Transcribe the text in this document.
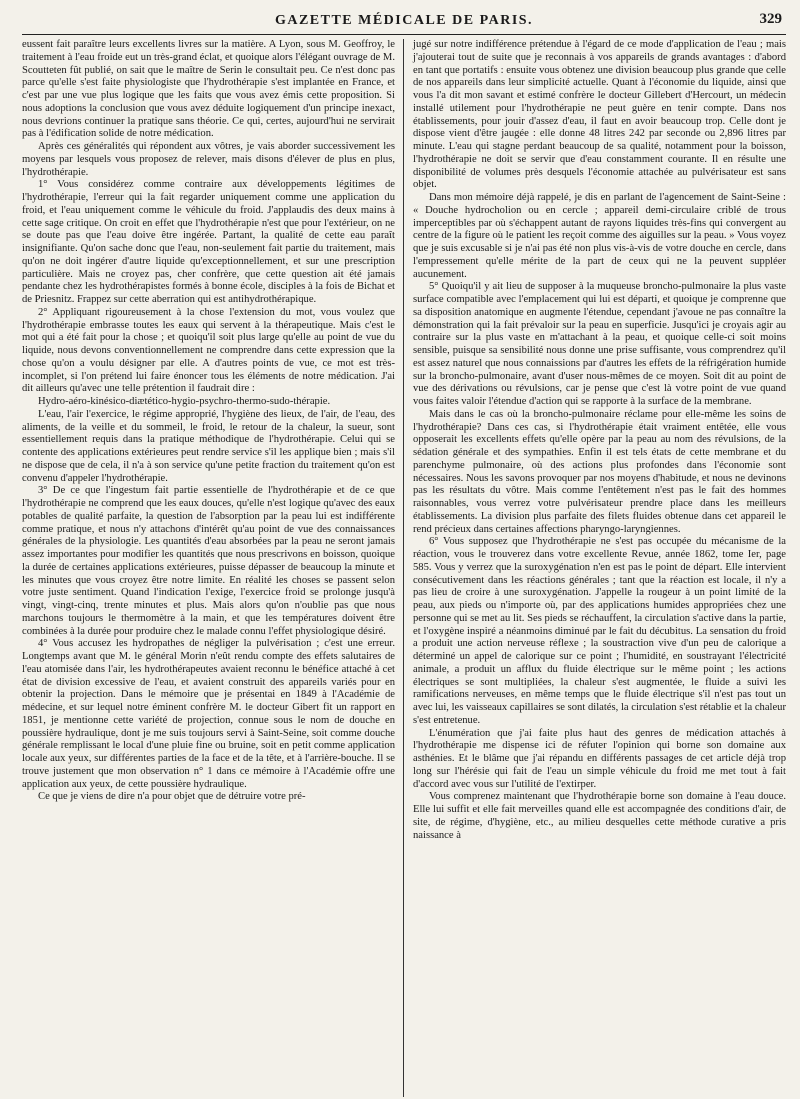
GAZETTE MÉDICALE DE PARIS.	329

eussent fait paraître leurs excellents livres sur la matière. A Lyon, sous M. Geoffroy, le traitement à l'eau froide eut un très-grand éclat, et quoique alors l'élégant ouvrage de M. Scoutteten fût publié, on sait que le maître de Serin le consultait peu. Ce n'est donc pas parce qu'elle s'est faite physiologiste que l'hydrothérapie s'est implantée en France, et c'est par une vue plus logique que les faits que vous avez émis cette proposition. Si nous adoptions la conclusion que vous avez déduite logiquement d'un principe inexact, nous devrions continuer la pratique sans théorie. Ce qui, certes, aujourd'hui ne servirait pas à l'édification solide de notre médication.

Après ces généralités qui répondent aux vôtres, je vais aborder successivement les moyens par lesquels vous proposez de relever, mais disons d'élever de plus en plus, l'hydrothérapie.

1° Vous considérez comme contraire aux développements légitimes de l'hydrothérapie, l'erreur qui la fait regarder uniquement comme une application du froid, et l'eau uniquement comme le véhicule du froid. J'applaudis des deux mains à cette sage critique. On croit en effet que l'hydrothérapie n'est que pour l'extérieur, on ne se doute pas que l'eau doive être ingérée. Partant, la qualité de cette eau paraît insignifiante. Qu'on sache donc que l'eau, non-seulement fait partie du traitement, mais qu'on ne doit ingérer d'autre liquide qu'exceptionnellement, et sur une prescription particulière. Mais ne croyez pas, cher confrère, que cette question ait été jamais pendante chez les hydrothérapistes formés à bonne école, disciples à la fois de Bichat et de Priesnitz. Frappez sur cette aberration qui est antihydrothérapique.

2° Appliquant rigoureusement à la chose l'extension du mot, vous voulez que l'hydrothérapie embrasse toutes les eaux qui servent à la thérapeutique. Mais c'est le mot qui a été fait pour la chose ; et quoiqu'il soit plus large qu'elle au point de vue du liquide, nous devons conventionnellement ne comprendre dans cette expression que la chose qu'on a voulu désigner par elle. A d'autres points de vue, ce mot est très-incomplet, si l'on prétend lui faire énoncer tous les éléments de notre médication. J'ai dit ailleurs qu'avec une telle prétention il faudrait dire :

Hydro-aéro-kinésico-diætético-hygio-psychro-thermo-sudo-thérapie.

L'eau, l'air l'exercice, le régime approprié, l'hygiène des lieux, de l'air, de l'eau, des aliments, de la veille et du sommeil, le froid, le retour de la chaleur, la sueur, sont essentiellement requis dans la pratique méthodique de l'hydrothérapie. Celui qui se contente des applications extérieures peut rendre service s'il les applique bien ; mais s'il ne dispose que de cela, il n'a à son service qu'une petite fraction du traitement qu'on est convenu d'appeler l'hydrothérapie.

3° De ce que l'ingestum fait partie essentielle de l'hydrothérapie et de ce que l'hydrothérapie ne comprend que les eaux douces, qu'elle n'est logique qu'avec des eaux potables de qualité parfaite, la question de l'absorption par la peau lui est indifférente comme pratique, et nous n'y attachons d'intérêt qu'au point de vue des connaissances générales de la physiologie. Les quantités d'eau absorbées par la peau ne seront jamais assez importantes pour modifier les quantités que nous prescrivons en boisson, quoique la durée de certaines applications extérieures, puisse dépasser de beaucoup la minute et les minutes que vous croyez être notre limite. En réalité les choses se passent selon votre juste sentiment. Quand l'indication l'exige, l'exercice froid se prolonge jusqu'à vingt, vingt-cinq, trente minutes et plus. Mais alors qu'on n'oublie pas que nous marchons toujours le thermomètre à la main, et que les températures doivent être combinées à la durée pour produire chez le malade connu l'effet physiologique désiré.

4° Vous accusez les hydropathes de négliger la pulvérisation ; c'est une erreur. Longtemps avant que M. le général Morin n'eût rendu compte des effets salutaires de l'eau atomisée dans l'air, les hydrothérapeutes avaient reconnu le bénéfice attaché à cet état de division excessive de l'eau, et avaient construit des appareils variés pour en obtenir la projection. Dans le mémoire que je présentai en 1849 à l'Académie de médecine, et sur lequel notre éminent confrère M. le docteur Gibert fit un rapport en 1851, je mentionne cette variété de projection, connue sous le nom de douche en poussière hydraulique, dont je me suis toujours servi à Saint-Seine, soit comme douche générale remplissant le local d'une pluie fine ou bruine, soit en petit comme application locale aux yeux, sur différentes parties de la face et de la tête, et à l'arrière-bouche. Il se trouve justement que mon observation n° 1 dans ce mémoire à l'Académie offre une application aux yeux, de cette poussière hydraulique.

Ce que je viens de dire n'a pour objet que de détruire votre pré-

jugé sur notre indifférence prétendue à l'égard de ce mode d'application de l'eau ; mais j'ajouterai tout de suite que je reconnais à vos appareils de grands avantages : d'abord en tant que portatifs : ensuite vous obtenez une division beaucoup plus grande que celle de nos appareils dans leur simplicité actuelle. Quant à l'économie du liquide, ainsi que vous l'a dit mon savant et estimé confrère le docteur Gillebert d'Hercourt, un médecin installé utilement pour l'hydrothérapie ne peut guère en tenir compte. Dans nos établissements, pour jouir d'assez d'eau, il faut en avoir beaucoup trop. Celle dont je dispose vient d'être jaugée : elle donne 48 litres 242 par seconde ou 2,896 litres par minute. L'eau qui stagne perdant beaucoup de sa qualité, notamment pour la boisson, l'hydrothérapie ne doit se servir que d'eau constamment courante. Il en résulte une disponibilité de volumes près desquels l'économie attachée au pulvérisateur est sans objet.

Dans mon mémoire déjà rappelé, je dis en parlant de l'agencement de Saint-Seine : « Douche hydrocholion ou en cercle ; appareil demi-circulaire criblé de trous imperceptibles par où s'échappent autant de rayons liquides très-fins qui convergent au centre de la figure où le patient les reçoit comme des aiguilles sur la peau. » Vous voyez que je suis excusable si je n'ai pas été non plus vis-à-vis de votre douche en cercle, dans l'empressement qu'elle mérite de la part de ceux qui ne la peuvent suppléer aucunement.

5° Quoiqu'il y ait lieu de supposer à la muqueuse broncho-pulmonaire la plus vaste surface compatible avec l'emplacement qui lui est départi, et quoique je comprenne que sa disposition anatomique en augmente l'étendue, cependant j'avoue ne pas connaître la démonstration qui la fait prévaloir sur la peau en superficie. Jusqu'ici je croyais agir au contraire sur la plus vaste en m'attachant à la peau, et quoique celle-ci soit moins sensible, puisque sa sensibilité nous donne une prise suffisante, vous comprendrez qu'il est assez naturel que nous connaissions par d'autres les effets de la réfrigération humide sur la broncho-pulmonaire, avant d'user nous-mêmes de ce moyen. Soit dit au point de vue des dérivations ou révulsions, car je pense que c'est là votre point de vue quand vous faites valoir l'étendue d'action qui se rapporte à la surface de la membrane.

Mais dans le cas où la broncho-pulmonaire réclame pour elle-même les soins de l'hydrothérapie? Dans ces cas, si l'hydrothérapie était vraiment entêtée, elle vous opposerait les excellents effets qu'elle opère par la peau au nom des révulsions, de la sédation générale et des sympathies. Enfin il est tels états de cette membrane et du parenchyme pulmonaire, où des actions plus profondes dans l'économie sont nécessaires. Nous les savons provoquer par nos moyens d'habitude, et nous ne devinons pas les résultats du vôtre. Mais comme l'entêtement n'est pas le fait des hommes raisonnables, vous verrez votre pulvérisateur prendre place dans les meilleurs établissements. La division plus parfaite des filets fluides obtenue dans cet appareil le rend précieux dans certaines affections pharyngo-laryngiennes.

6° Vous supposez que l'hydrothérapie ne s'est pas occupée du mécanisme de la réaction, vous le trouverez dans votre excellente Revue, année 1862, tome Ier, page 585. Vous y verrez que la suroxygénation n'en est pas le point de départ. Elle intervient consécutivement dans les réactions générales ; tant que la réaction est locale, il n'y a pas lieu de croire à une suroxygénation. J'appelle la rougeur à un point limité de la peau, aux pieds ou n'importe où, par des applications humides appropriées chez une personne qui se met au lit. Ses pieds se réchauffent, la circulation s'active dans la partie, et l'oxygène inspiré a néanmoins diminué par le fait du décubitus. La sensation du froid a produit une action nerveuse réflexe ; la soustraction vive d'un peu de calorique a déterminé un appel de calorique sur ce point ; l'humidité, en soustrayant l'électricité animale, a produit un afflux du fluide électrique sur le même point ; les actions électriques se sont multipliées, la chaleur s'est augmentée, le fluide a suivi les ramifications nerveuses, en même temps que le fluide électrique s'il n'est pas tout un avec lui, les vaisseaux capillaires se sont dilatés, la circulation s'est rétablie et la chaleur s'est entretenue.

L'énumération que j'ai faite plus haut des genres de médication attachés à l'hydrothérapie me dispense ici de réfuter l'opinion qui borne son domaine aux asthénies. Et le blâme que j'ai répandu en différents passages de cet article déjà trop long sur l'hérésie qui fait de l'eau un simple véhicule du froid me met tout à fait d'accord avec vous sur l'utilité de l'extirper.

Vous comprenez maintenant que l'hydrothérapie borne son domaine à l'eau douce. Elle lui suffit et elle fait merveilles quand elle est accompagnée des conditions d'air, de site, de régime, d'hygiène, etc., au milieu desquelles cette méthode curative a pris naissance à
